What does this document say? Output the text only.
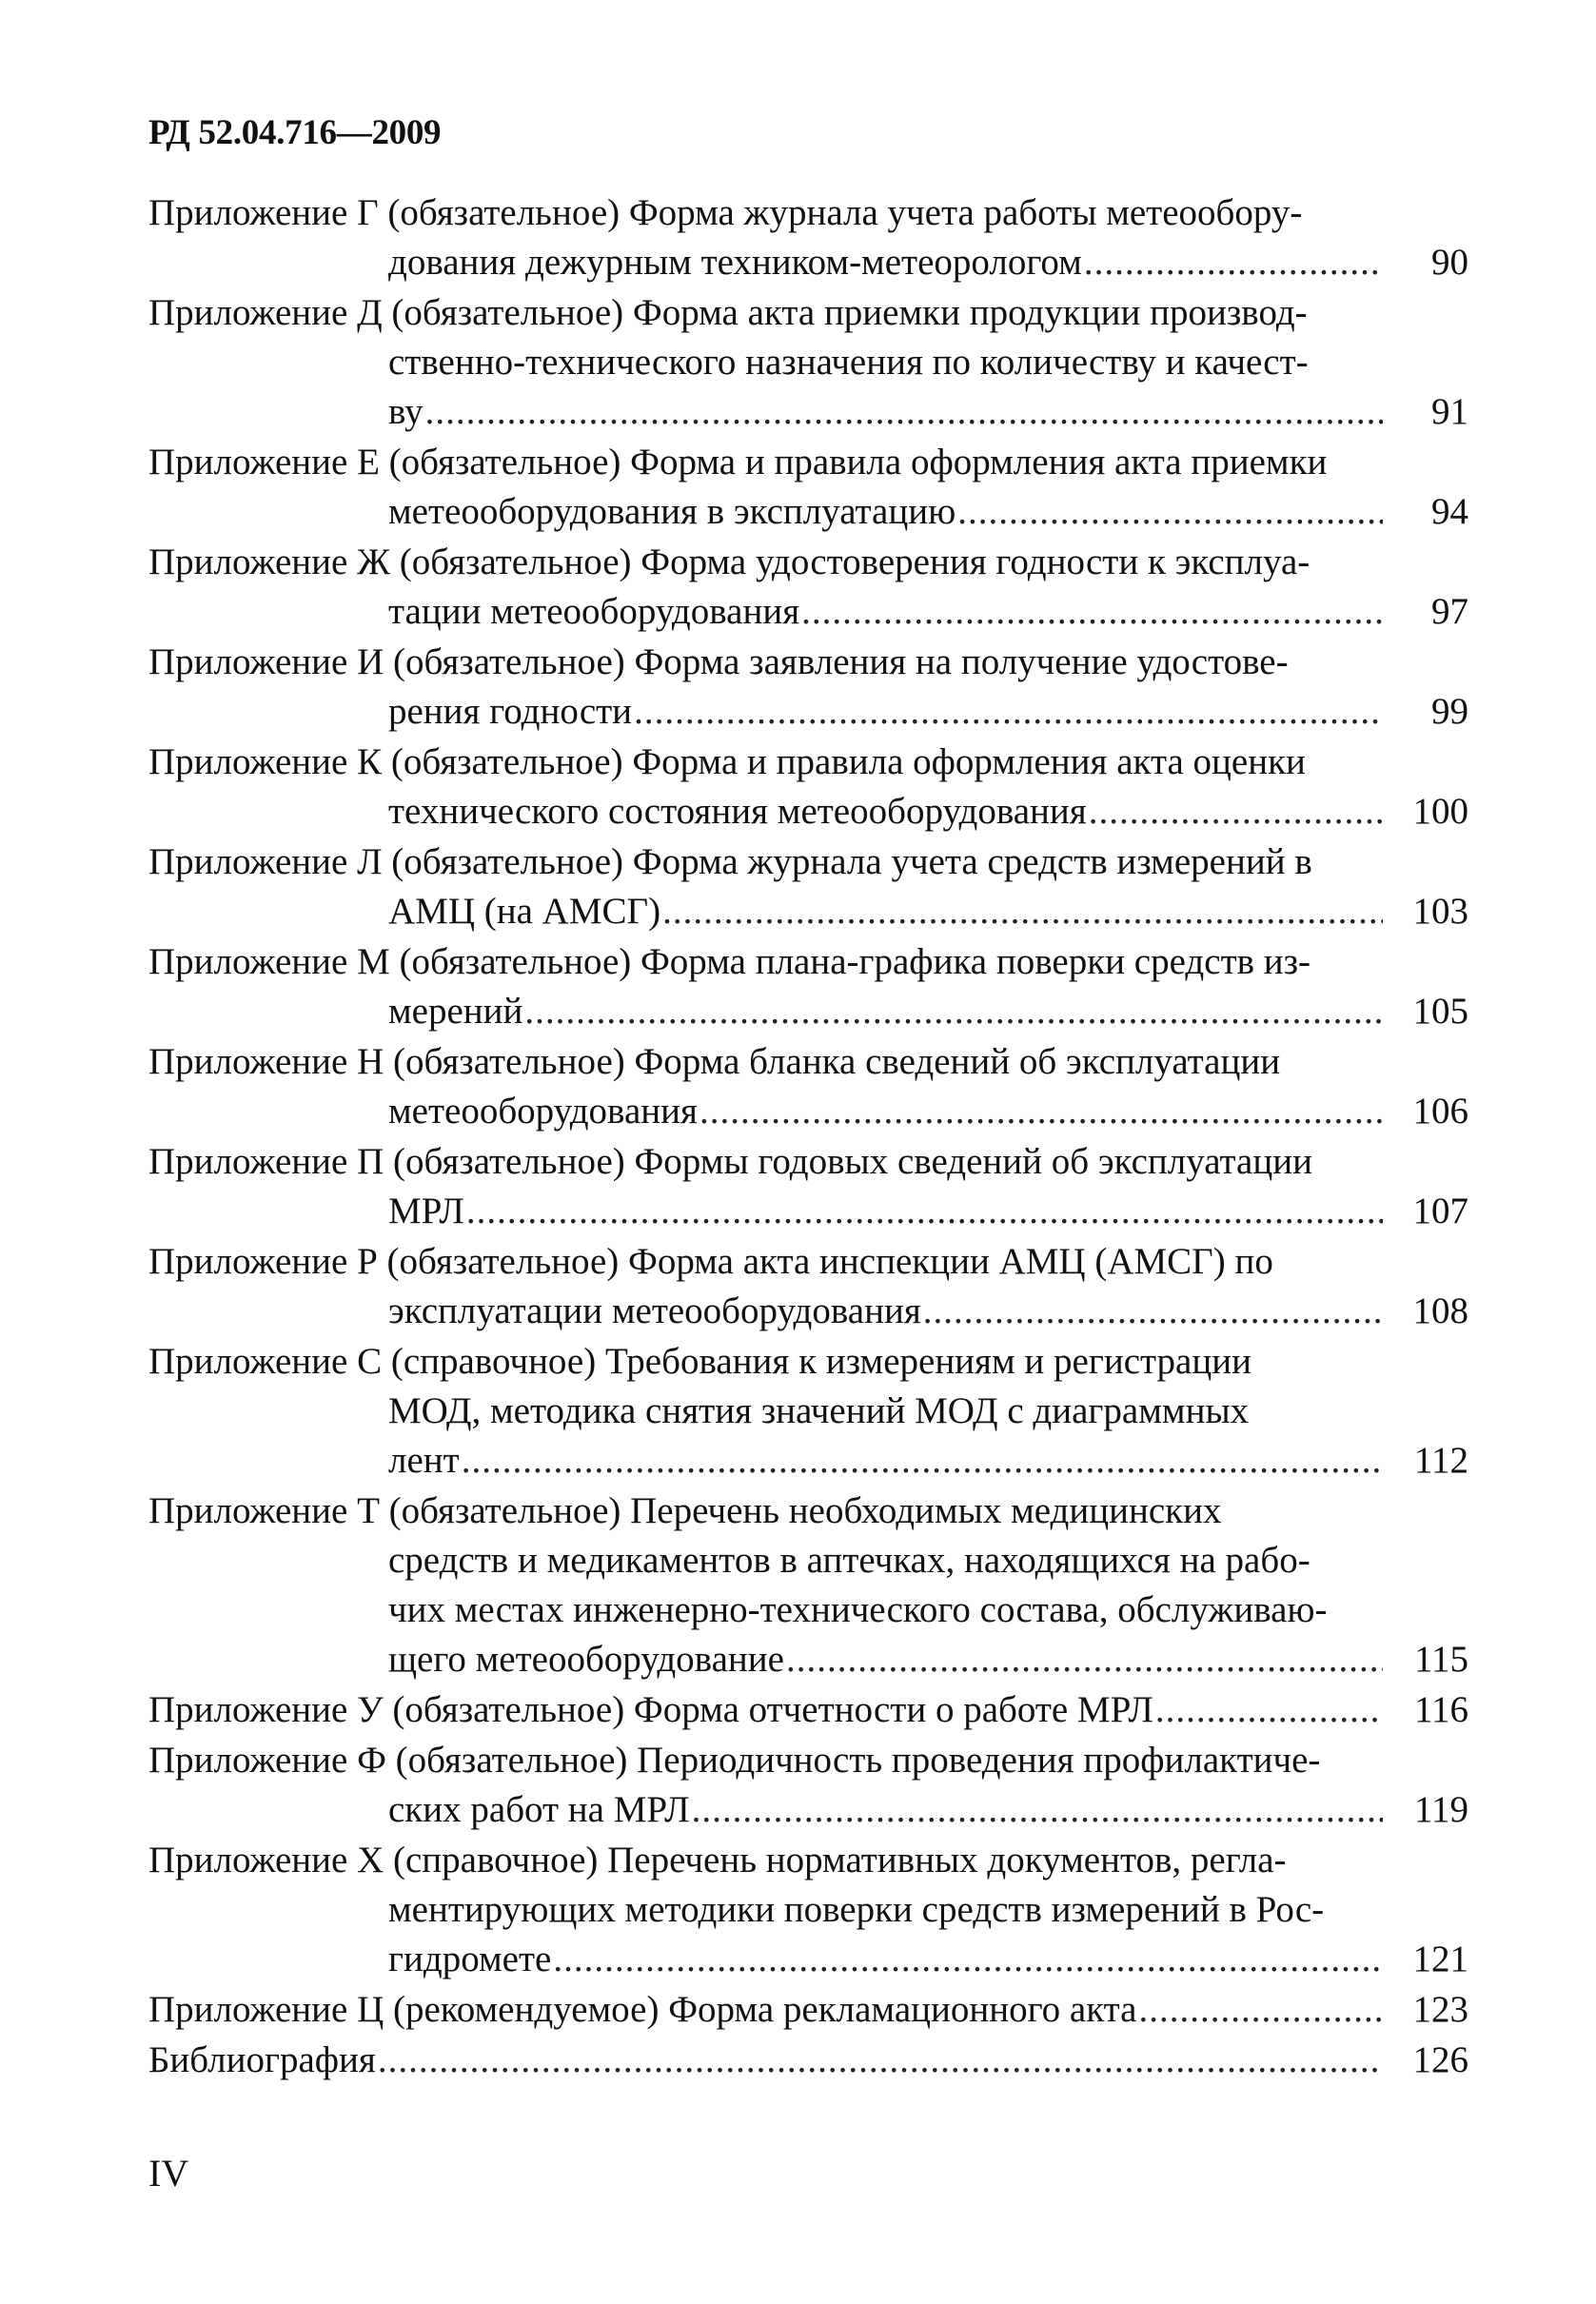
РД 52.04.716—2009
Приложение Г (обязательное) Форма журнала учета работы метеообору-
дования дежурным техником-метеорологом .....	90
Приложение Д (обязательное) Форма акта приемки продукции производ-
ственно-технического назначения по количеству и качест-
ву .....	91
Приложение Е (обязательное) Форма и правила оформления акта приемки
метеооборудования в эксплуатацию .....	94
Приложение Ж (обязательное) Форма удостоверения годности к эксплуа-
тации метеооборудования .....	97
Приложение И (обязательное) Форма заявления на получение удостове-
рения годности .....	99
Приложение К (обязательное) Форма и правила оформления акта оценки
технического состояния метеооборудования .....	100
Приложение Л (обязательное) Форма журнала учета средств измерений в
АМЦ (на АМСГ) .....	103
Приложение М (обязательное) Форма плана-графика поверки средств из-
мерений .....	105
Приложение Н (обязательное) Форма бланка сведений об эксплуатации
метеооборудования .....	106
Приложение П (обязательное) Формы годовых сведений об эксплуатации
МРЛ .....	107
Приложение Р (обязательное) Форма акта инспекции АМЦ (АМСГ) по
эксплуатации метеооборудования .....	108
Приложение С (справочное) Требования к измерениям и регистрации
МОД, методика снятия значений МОД с диаграммных
лент .....	112
Приложение Т (обязательное) Перечень необходимых медицинских
средств и медикаментов в аптечках, находящихся на рабо-
чих местах инженерно-технического состава, обслуживаю-
щего метеооборудование .....	115
Приложение У (обязательное) Форма отчетности о работе МРЛ .....	116
Приложение Ф (обязательное) Периодичность проведения профилактиче-
ских работ на МРЛ .....	119
Приложение Х (справочное) Перечень нормативных документов, регла-
ментирующих методики поверки средств измерений в Рос-
гидромете .....	121
Приложение Ц (рекомендуемое) Форма рекламационного акта .....	123
Библиография .....	126
IV
